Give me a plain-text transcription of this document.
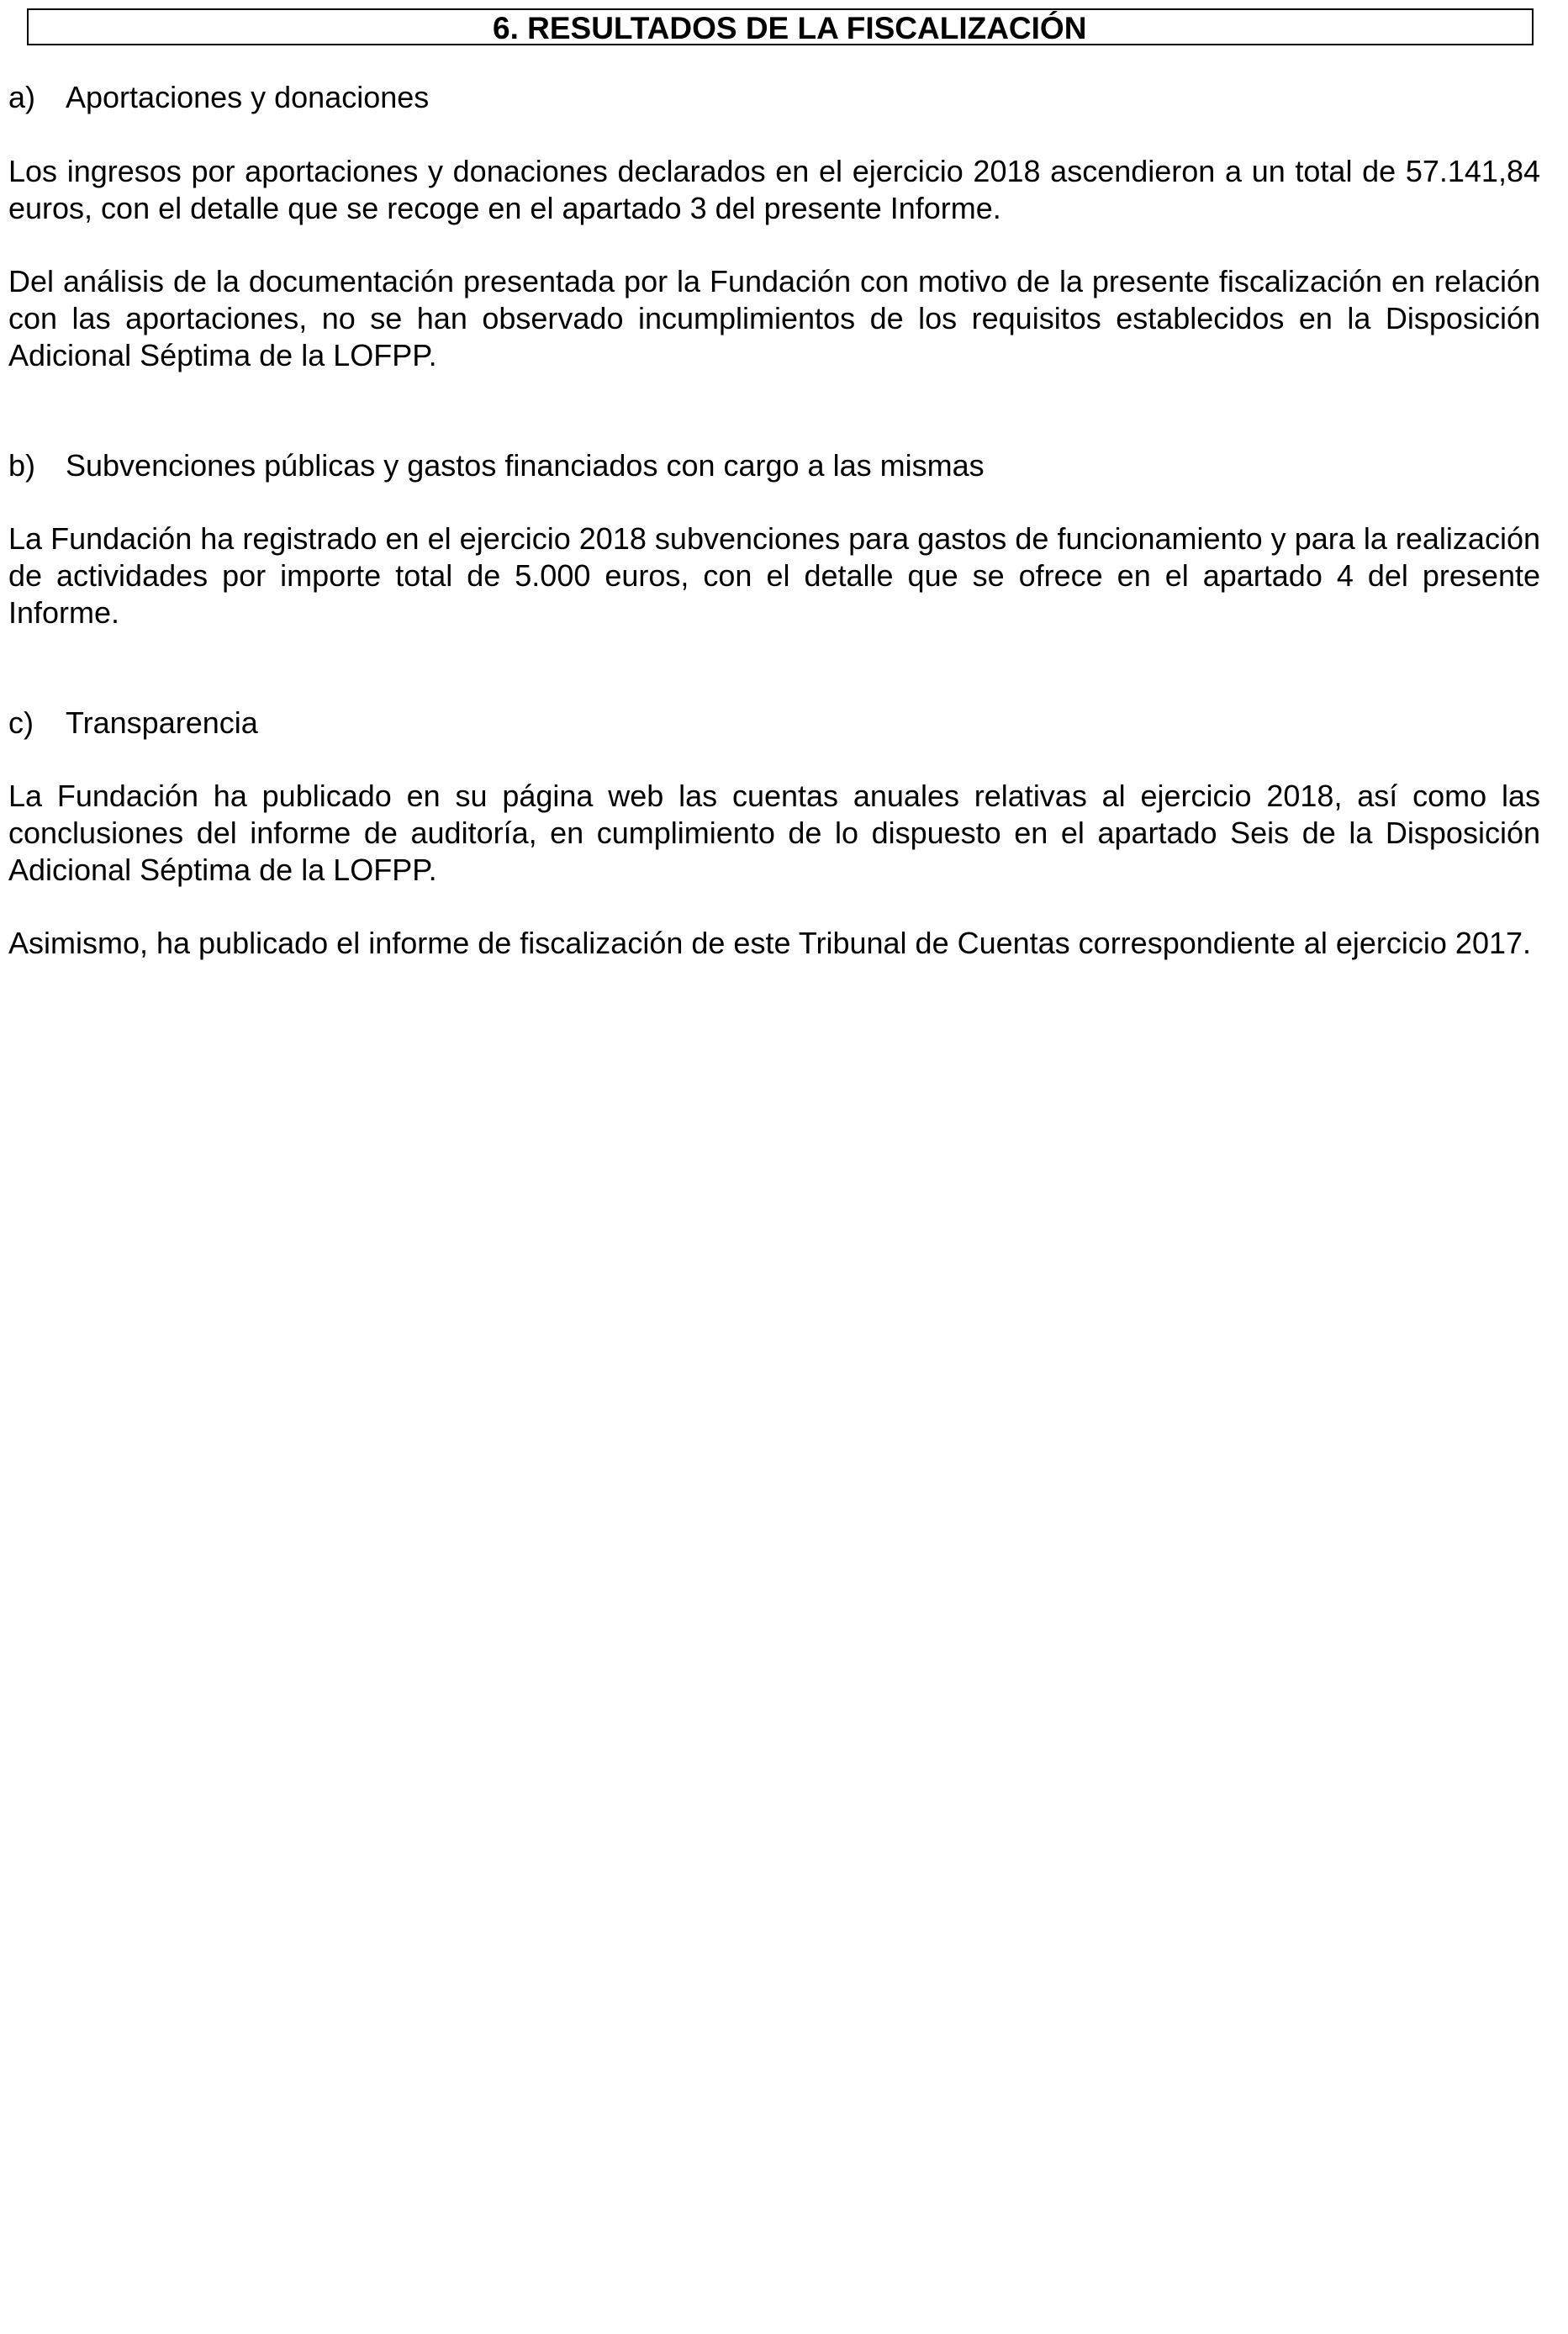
6. RESULTADOS DE LA FISCALIZACIÓN
a) Aportaciones y donaciones

Los ingresos por aportaciones y donaciones declarados en el ejercicio 2018 ascendieron a un total de 57.141,84 euros, con el detalle que se recoge en el apartado 3 del presente Informe.

Del análisis de la documentación presentada por la Fundación con motivo de la presente fiscalización en relación con las aportaciones, no se han observado incumplimientos de los requisitos establecidos en la Disposición Adicional Séptima de la LOFPP.

b) Subvenciones públicas y gastos financiados con cargo a las mismas

La Fundación ha registrado en el ejercicio 2018 subvenciones para gastos de funcionamiento y para la realización de actividades por importe total de 5.000 euros, con el detalle que se ofrece en el apartado 4 del presente Informe.

c) Transparencia

La Fundación ha publicado en su página web las cuentas anuales relativas al ejercicio 2018, así como las conclusiones del informe de auditoría, en cumplimiento de lo dispuesto en el apartado Seis de la Disposición Adicional Séptima de la LOFPP.

Asimismo, ha publicado el informe de fiscalización de este Tribunal de Cuentas correspondiente al ejercicio 2017.
